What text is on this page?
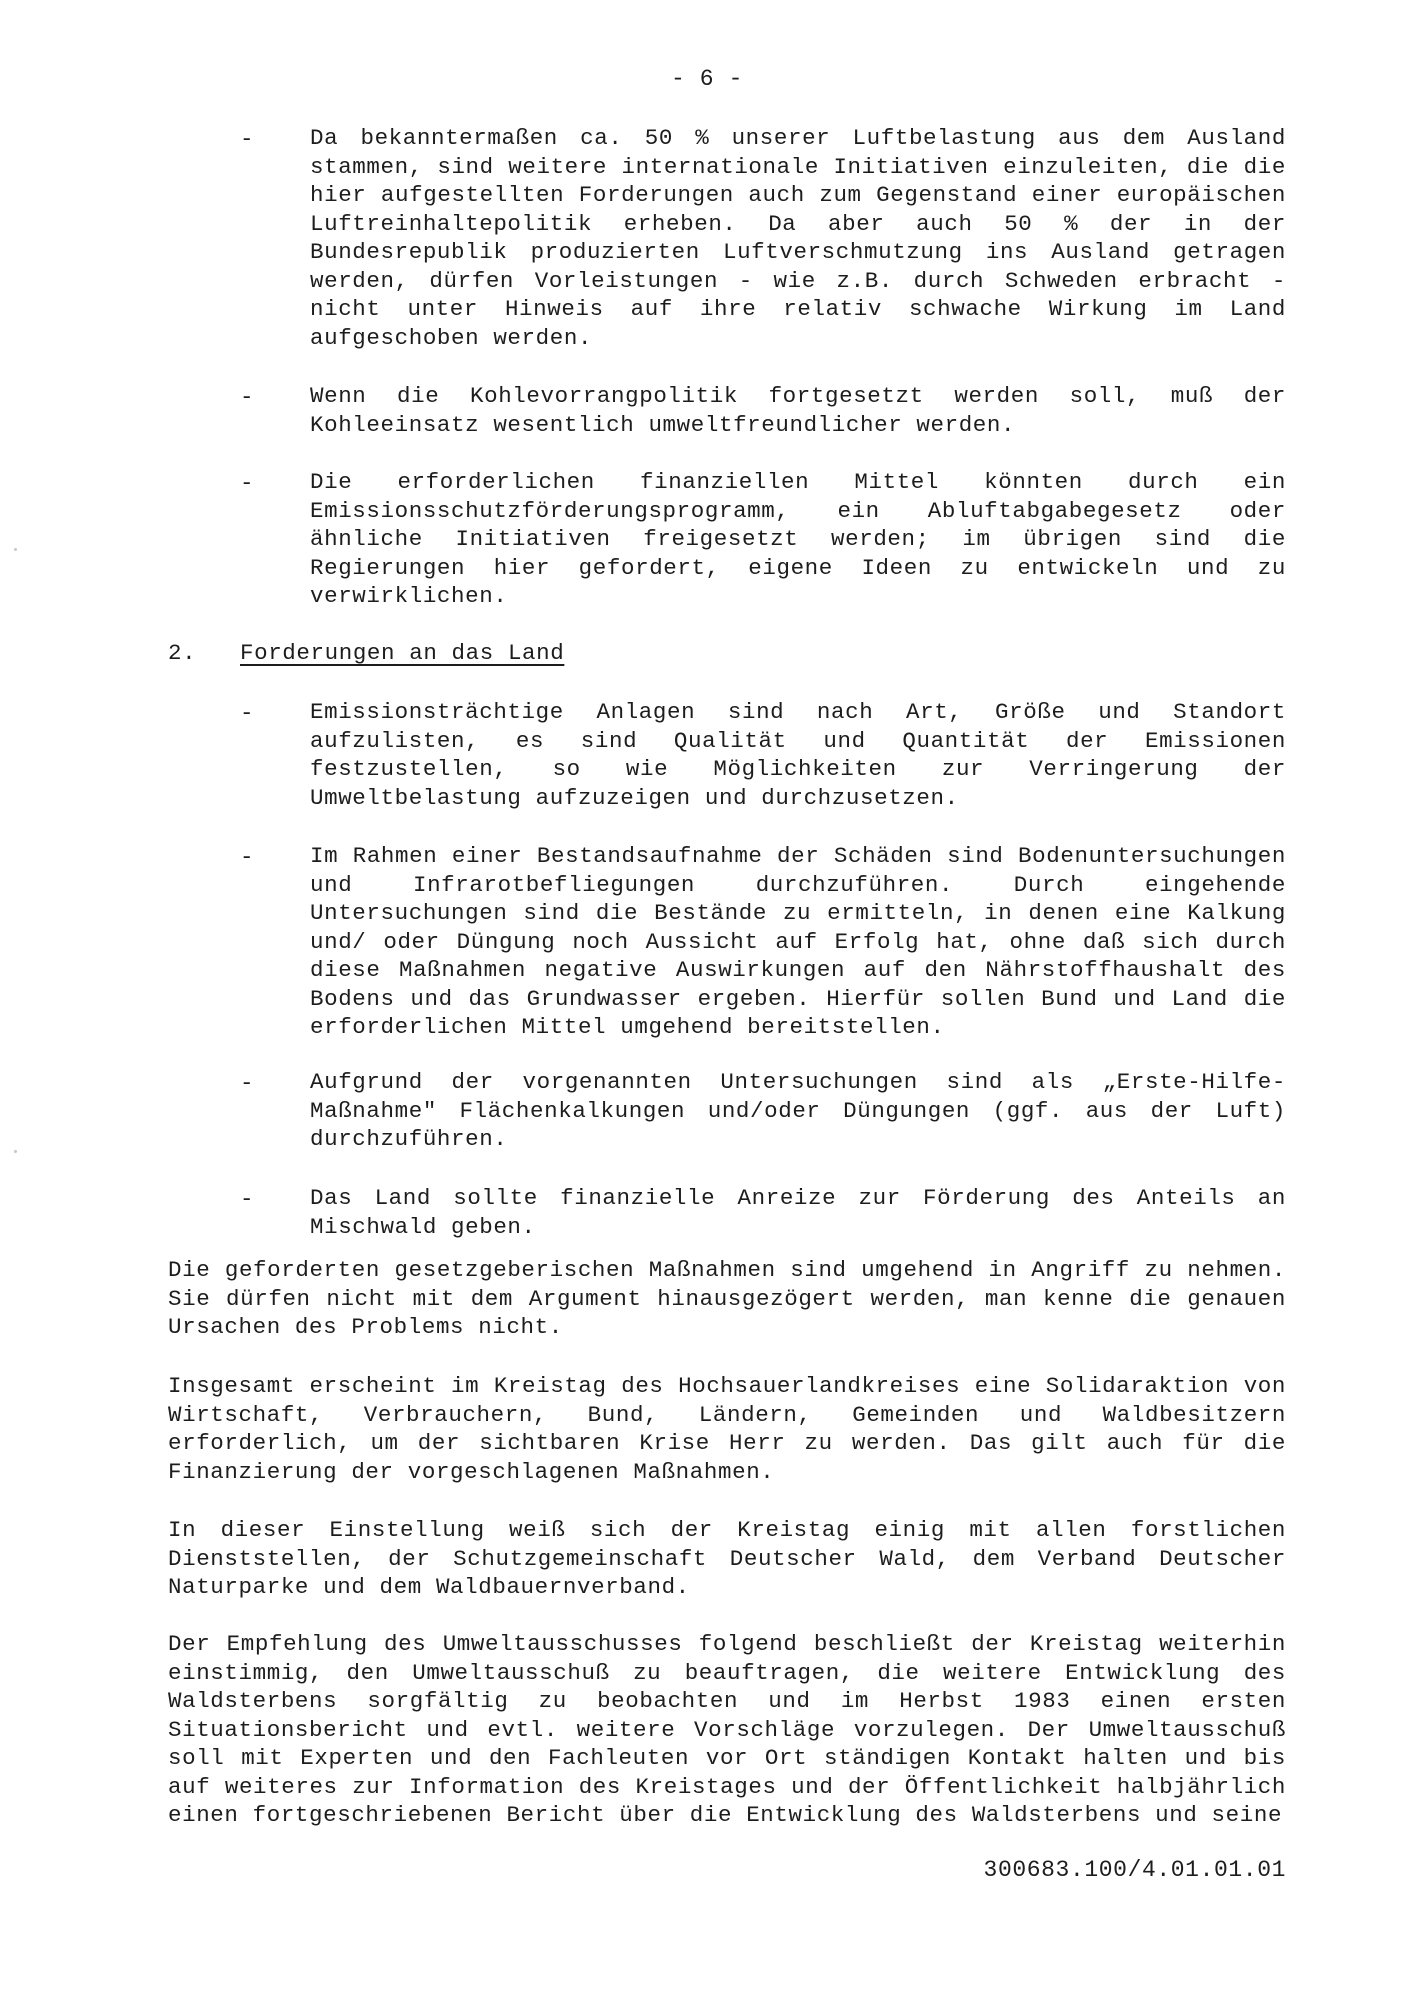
- 6 -
-	Da bekanntermaßen ca. 50 % unserer Luftbelastung aus dem Ausland stammen, sind weitere internationale Initiativen einzuleiten, die die hier aufgestellten Forderungen auch zum Gegenstand einer europäischen Luftreinhaltepolitik erheben. Da aber auch 50 % der in der Bundesrepublik produzierten Luftverschmutzung ins Ausland getragen werden, dürfen Vorleistungen - wie z.B. durch Schweden erbracht - nicht unter Hinweis auf ihre relativ schwache Wirkung im Land aufgeschoben werden.
-	Wenn die Kohlevorrangpolitik fortgesetzt werden soll, muß der Kohleeinsatz wesentlich umweltfreundlicher werden.
-	Die erforderlichen finanziellen Mittel könnten durch ein Emissionsschutzförderungsprogramm, ein Abluftabgabegesetz oder ähnliche Initiativen freigesetzt werden; im übrigen sind die Regierungen hier gefordert, eigene Ideen zu entwickeln und zu verwirklichen.
2. Forderungen an das Land
-	Emissionsträchtige Anlagen sind nach Art, Größe und Standort aufzulisten, es sind Qualität und Quantität der Emissionen festzustellen, so wie Möglichkeiten zur Verringerung der Umweltbelastung aufzuzeigen und durchzusetzen.
-	Im Rahmen einer Bestandsaufnahme der Schäden sind Bodenuntersuchungen und Infrarotbefliegungen durchzuführen. Durch eingehende Untersuchungen sind die Bestände zu ermitteln, in denen eine Kalkung und/ oder Düngung noch Aussicht auf Erfolg hat, ohne daß sich durch diese Maßnahmen negative Auswirkungen auf den Nährstoffhaushalt des Bodens und das Grundwasser ergeben. Hierfür sollen Bund und Land die erforderlichen Mittel umgehend bereitstellen.
-	Aufgrund der vorgenannten Untersuchungen sind als „Erste-Hilfe-Maßnahme" Flächenkalkungen und/oder Düngungen (ggf. aus der Luft) durchzuführen.
-	Das Land sollte finanzielle Anreize zur Förderung des Anteils an Mischwald geben.
Die geforderten gesetzgeberischen Maßnahmen sind umgehend in Angriff zu nehmen. Sie dürfen nicht mit dem Argument hinausgezögert werden, man kenne die genauen Ursachen des Problems nicht.
Insgesamt erscheint im Kreistag des Hochsauerlandkreises eine Solidaraktion von Wirtschaft, Verbrauchern, Bund, Ländern, Gemeinden und Waldbesitzern erforderlich, um der sichtbaren Krise Herr zu werden. Das gilt auch für die Finanzierung der vorgeschlagenen Maßnahmen.
In dieser Einstellung weiß sich der Kreistag einig mit allen forstlichen Dienststellen, der Schutzgemeinschaft Deutscher Wald, dem Verband Deutscher Naturparke und dem Waldbauernverband.
Der Empfehlung des Umweltausschusses folgend beschließt der Kreistag weiterhin einstimmig, den Umweltausschuß zu beauftragen, die weitere Entwicklung des Waldsterbens sorgfältig zu beobachten und im Herbst 1983 einen ersten Situationsbericht und evtl. weitere Vorschläge vorzulegen. Der Umweltausschuß soll mit Experten und den Fachleuten vor Ort ständigen Kontakt halten und bis auf weiteres zur Information des Kreistages und der Öffentlichkeit halbjährlich einen fortgeschriebenen Bericht über die Entwicklung des Waldsterbens und seine
300683.100/4.01.01.01
